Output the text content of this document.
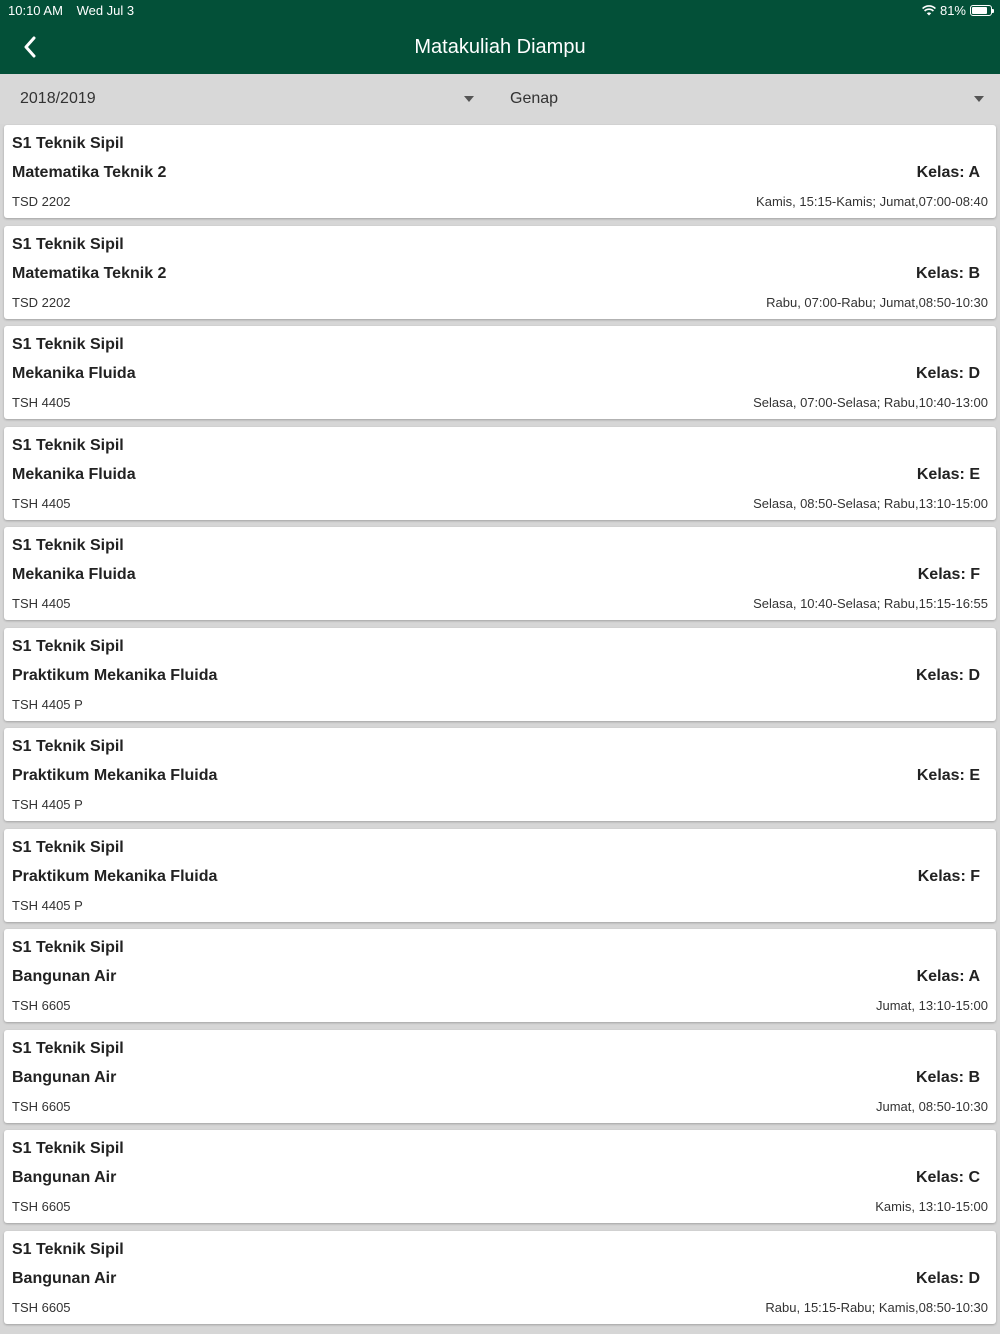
10:10 AM Wed Jul 3	81%
Matakuliah Diampu
2018/2019	Genap
S1 Teknik Sipil
Matematika Teknik 2	Kelas: A
TSD 2202	Kamis, 15:15-Kamis; Jumat,07:00-08:40
S1 Teknik Sipil
Matematika Teknik 2	Kelas: B
TSD 2202	Rabu, 07:00-Rabu; Jumat,08:50-10:30
S1 Teknik Sipil
Mekanika Fluida	Kelas: D
TSH 4405	Selasa, 07:00-Selasa; Rabu,10:40-13:00
S1 Teknik Sipil
Mekanika Fluida	Kelas: E
TSH 4405	Selasa, 08:50-Selasa; Rabu,13:10-15:00
S1 Teknik Sipil
Mekanika Fluida	Kelas: F
TSH 4405	Selasa, 10:40-Selasa; Rabu,15:15-16:55
S1 Teknik Sipil
Praktikum Mekanika Fluida	Kelas: D
TSH 4405 P
S1 Teknik Sipil
Praktikum Mekanika Fluida	Kelas: E
TSH 4405 P
S1 Teknik Sipil
Praktikum Mekanika Fluida	Kelas: F
TSH 4405 P
S1 Teknik Sipil
Bangunan Air	Kelas: A
TSH 6605	Jumat, 13:10-15:00
S1 Teknik Sipil
Bangunan Air	Kelas: B
TSH 6605	Jumat, 08:50-10:30
S1 Teknik Sipil
Bangunan Air	Kelas: C
TSH 6605	Kamis, 13:10-15:00
S1 Teknik Sipil
Bangunan Air	Kelas: D
TSH 6605	Rabu, 15:15-Rabu; Kamis,08:50-10:30
